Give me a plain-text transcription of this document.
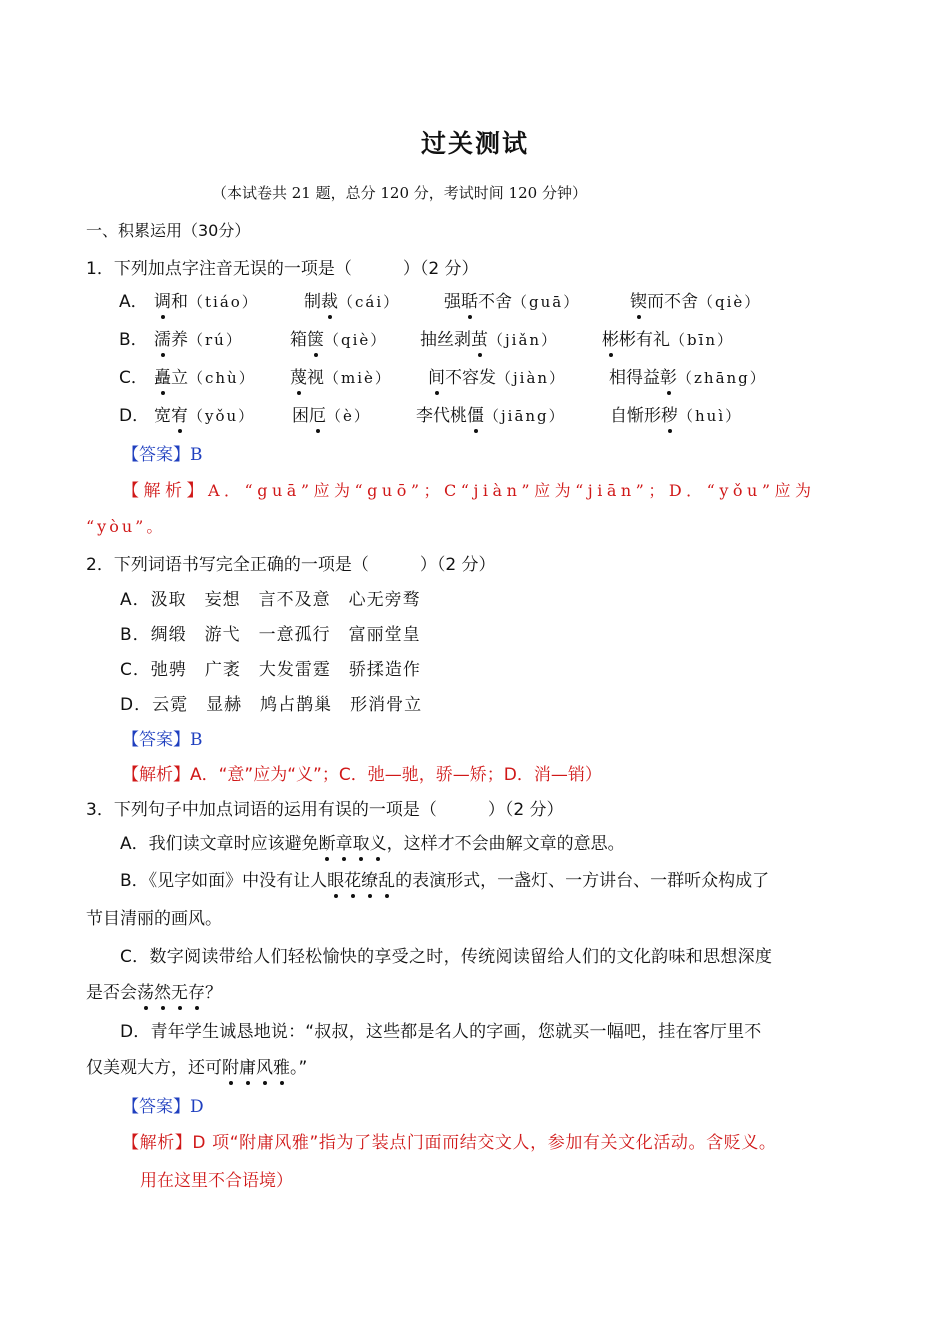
过关测试
（本试卷共 21 题，总分 120 分，考试时间 120 分钟）
一、积累运用（30分）
1．下列加点字注音无误的一项是（　　　）（2 分）
A． 调和（tiáo）	制裁（cái）	强聒不舍（guā）	锲而不舍（qiè）
B． 濡养（rú）	箱箧（qiè） 抽丝剥茧（jiǎn）	彬彬有礼（bīn）
C． 矗立（chù） 蔑视（miè） 间不容发（jiàn）	相得益彰（zhāng）
D． 宽宥（yǒu） 困厄（è）	李代桃僵（jiāng）	自惭形秽（huì）
【答案】B
【解析】A．“guā”应为“guō”；C“jiàn”应为“jiān”；D．“yǒu”应为
“yòu”。
2．下列词语书写完全正确的一项是（　　　）（2 分）
A．汲取　妄想　言不及意　心无旁骛
B．绸缎　游弋　一意孤行　富丽堂皇
C．弛骋　广袤　大发雷霆　骄揉造作
D．云霓　显赫　鸠占鹊巢　形消骨立
【答案】B
【解析】A．“意”应为“义”；C．弛—驰，骄—矫；D．消—销）
3．下列句子中加点词语的运用有误的一项是（　　　）（2 分）
A．我们读文章时应该避免断章取义，这样才不会曲解文章的意思。
B．《见字如面》中没有让人眼花缭乱的表演形式，一盏灯、一方讲台、一群听众构成了
节目清丽的画风。
C．数字阅读带给人们轻松愉快的享受之时，传统阅读留给人们的文化韵味和思想深度
是否会荡然无存？
D．青年学生诚恳地说：“叔叔，这些都是名人的字画，您就买一幅吧，挂在客厅里不
仅美观大方，还可附庸风雅。”
【答案】D
【解析】D 项“附庸风雅”指为了装点门面而结交文人，参加有关文化活动。含贬义。
用在这里不合语境）
